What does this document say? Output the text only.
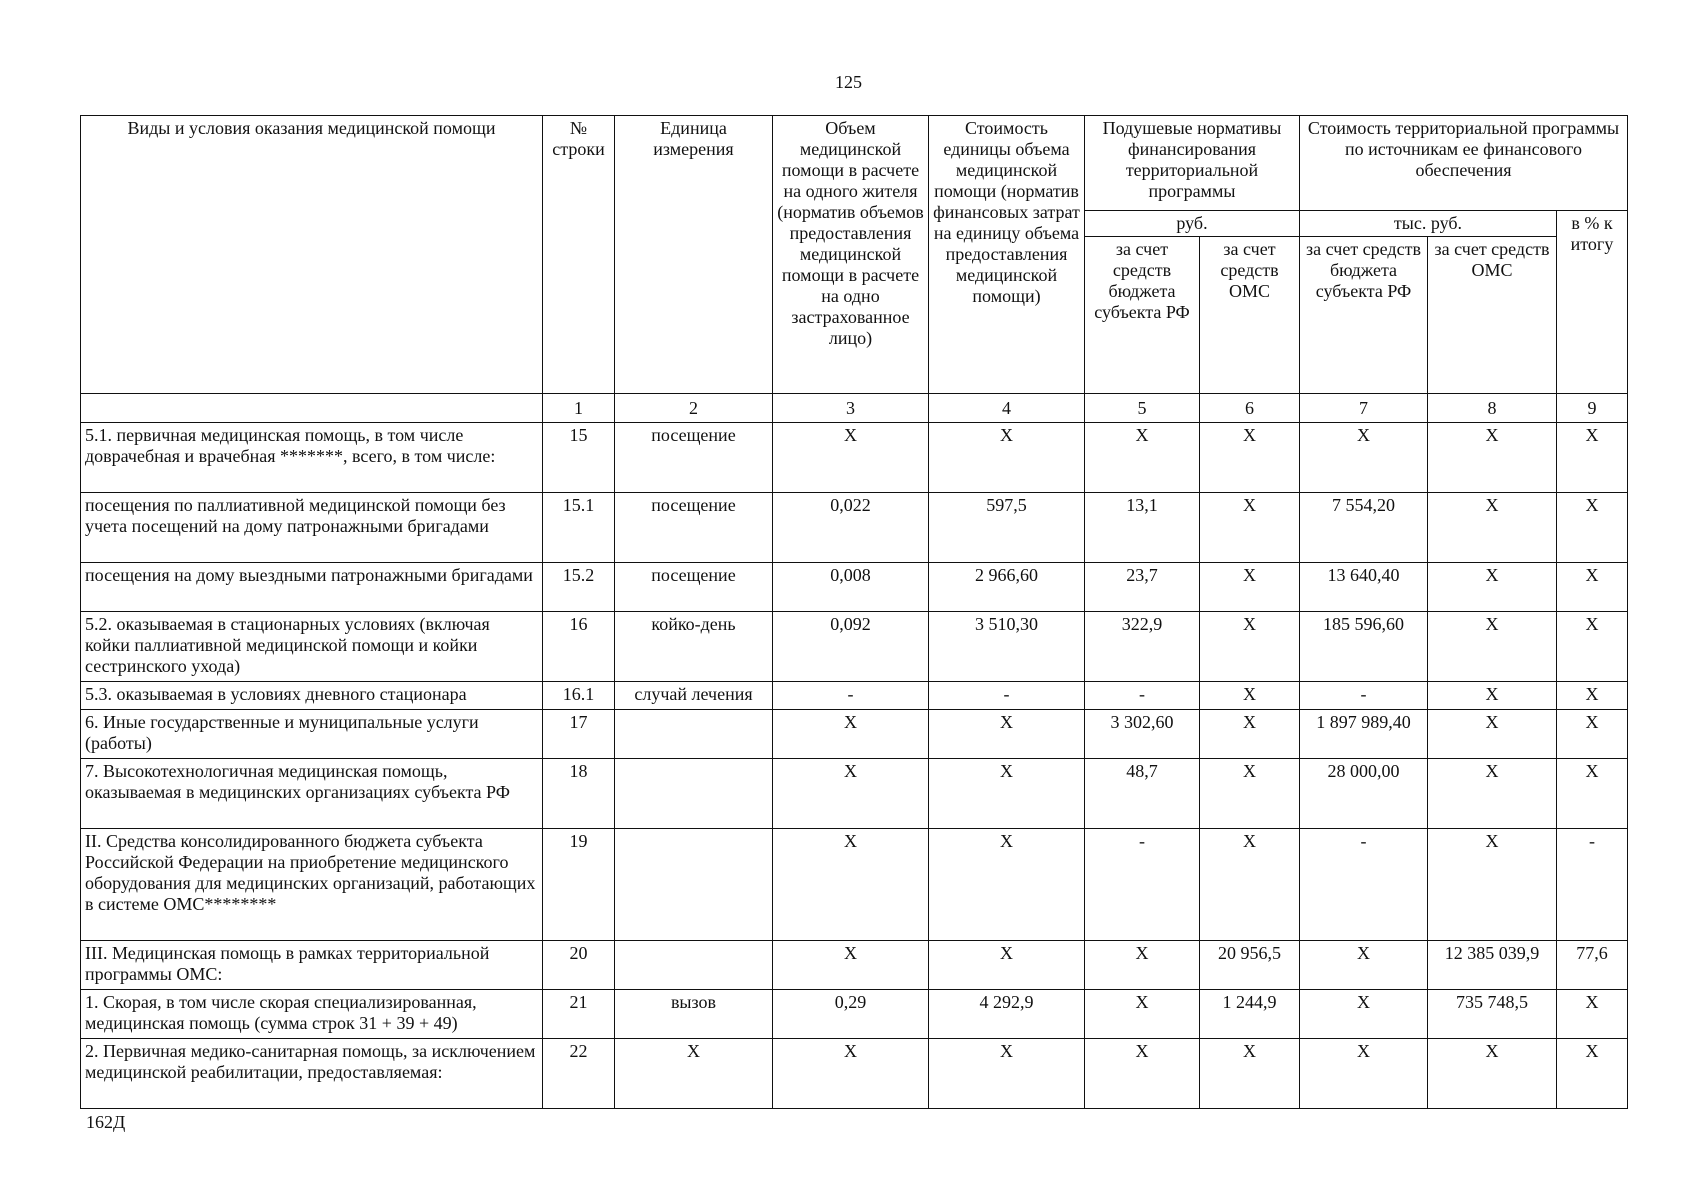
125
Виды и условия оказания медицинской помощи	№ строки	Единица измерения	Объем медицинской помощи в расчете на одного жителя (норматив объемов предоставления медицинской помощи в расчете на одно застрахованное лицо)	Стоимость единицы объема медицинской помощи (норматив финансовых затрат на единицу объема предоставления медицинской помощи)	Подушевые нормативы финансирования территориальной программы		Стоимость территориальной программы по источникам ее финансового обеспечения		
					руб.		тыс. руб.		в % к итогу
					за счет средств бюджета субъекта РФ	за счет средств ОМС	за счет средств бюджета субъекта РФ	за счет средств ОМС	
	1	2	3	4	5	6	7	8	9
5.1. первичная медицинская помощь, в том числе доврачебная и врачебная *******, всего, в том числе:	15	посещение	Х	Х	Х	Х	Х	Х	Х
посещения по паллиативной медицинской помощи без учета посещений на дому патронажными бригадами	15.1	посещение	0,022	597,5	13,1	Х	7 554,20	Х	Х
посещения на дому выездными патронажными бригадами	15.2	посещение	0,008	2 966,60	23,7	Х	13 640,40	Х	Х
5.2. оказываемая в стационарных условиях (включая койки паллиативной медицинской помощи и койки сестринского ухода)	16	койко-день	0,092	3 510,30	322,9	Х	185 596,60	Х	Х
5.3. оказываемая в условиях дневного стационара	16.1	случай лечения	-	-	-	Х	-	Х	Х
6. Иные государственные и муниципальные услуги (работы)	17		Х	Х	3 302,60	Х	1 897 989,40	Х	Х
7. Высокотехнологичная медицинская помощь, оказываемая в медицинских организациях субъекта РФ	18		Х	Х	48,7	Х	28 000,00	Х	Х
II. Средства консолидированного бюджета субъекта Российской Федерации на приобретение медицинского оборудования для медицинских организаций, работающих в системе ОМС********	19		Х	Х	-	Х	-	Х	-
III. Медицинская помощь в рамках территориальной программы ОМС:	20		Х	Х	Х	20 956,5	Х	12 385 039,9	77,6
1. Скорая, в том числе скорая специализированная, медицинская помощь (сумма строк 31 + 39 + 49)	21	вызов	0,29	4 292,9	Х	1 244,9	Х	735 748,5	Х
2. Первичная медико-санитарная помощь, за исключением медицинской реабилитации, предоставляемая:	22	Х	Х	Х	Х	Х	Х	Х	Х
162Д
